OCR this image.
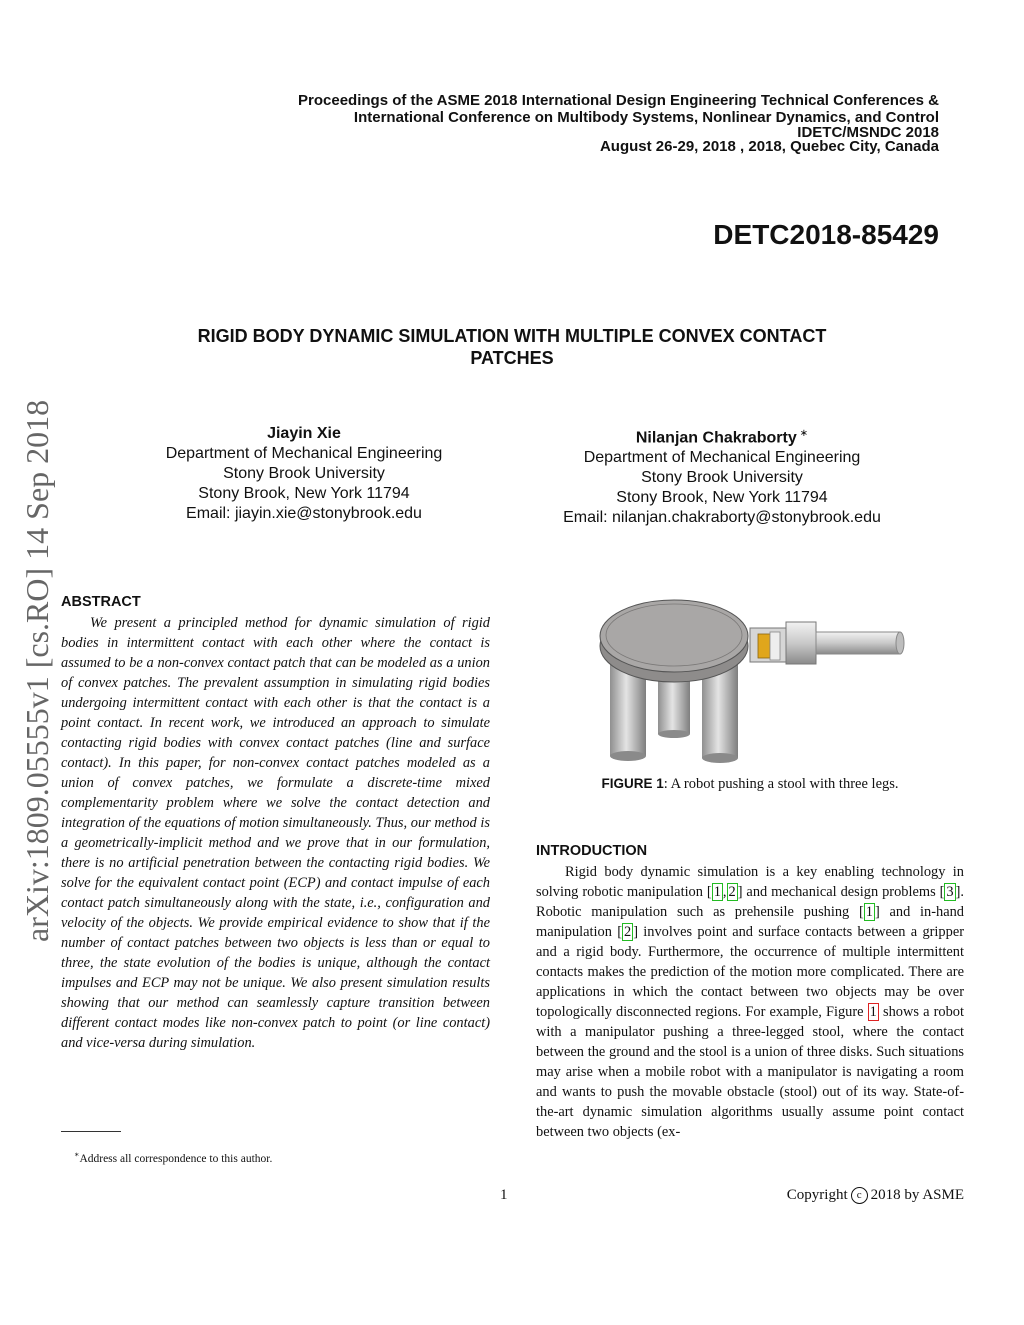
arXiv:1809.05555v1 [cs.RO] 14 Sep 2018
Proceedings of the ASME 2018 International Design Engineering Technical Conferences &
International Conference on Multibody Systems, Nonlinear Dynamics, and Control
IDETC/MSNDC 2018
August 26-29, 2018 , 2018, Quebec City, Canada
DETC2018-85429
RIGID BODY DYNAMIC SIMULATION WITH MULTIPLE CONVEX CONTACT
PATCHES
Jiayin Xie
Department of Mechanical Engineering
Stony Brook University
Stony Brook, New York 11794
Email: jiayin.xie@stonybrook.edu
Nilanjan Chakraborty ∗
Department of Mechanical Engineering
Stony Brook University
Stony Brook, New York 11794
Email: nilanjan.chakraborty@stonybrook.edu
ABSTRACT

We present a principled method for dynamic simulation of rigid bodies in intermittent contact with each other where the contact is assumed to be a non-convex contact patch that can be modeled as a union of convex patches. The prevalent assumption in simulating rigid bodies undergoing intermittent contact with each other is that the contact is a point contact. In recent work, we introduced an approach to simulate contacting rigid bodies with convex contact patches (line and surface contact). In this paper, for non-convex contact patches modeled as a union of convex patches, we formulate a discrete-time mixed complementarity problem where we solve the contact detection and integration of the equations of motion simultaneously. Thus, our method is a geometrically-implicit method and we prove that in our formulation, there is no artificial penetration between the contacting rigid bodies. We solve for the equivalent contact point (ECP) and contact impulse of each contact patch simultaneously along with the state, i.e., configuration and velocity of the objects. We provide empirical evidence to show that if the number of contact patches between two objects is less than or equal to three, the state evolution of the bodies is unique, although the contact impulses and ECP may not be unique. We also present simulation results showing that our method can seamlessly capture transition between different contact modes like non-convex patch to point (or line contact) and vice-versa during simulation.

∗Address all correspondence to this author.
FIGURE 1: A robot pushing a stool with three legs.
INTRODUCTION

Rigid body dynamic simulation is a key enabling technology in solving robotic manipulation [ 1 , 2 ] and mechanical design problems [ 3 ]. Robotic manipulation such as prehensile pushing [ 1 ] and in-hand manipulation [ 2 ] involves point and surface contacts between a gripper and a rigid body. Furthermore, the occurrence of multiple intermittent contacts makes the prediction of the motion more complicated. There are applications in which the contact between two objects may be over topologically disconnected regions. For example, Figure 1 shows a robot with a manipulator pushing a three-legged stool, where the contact between the ground and the stool is a union of three disks. Such situations may arise when a mobile robot with a manipulator is navigating a room and wants to push the movable obstacle (stool) out of its way. State-of-the-art dynamic simulation algorithms usually assume point contact between two objects (ex-

1	Copyright c 2018 by ASME
